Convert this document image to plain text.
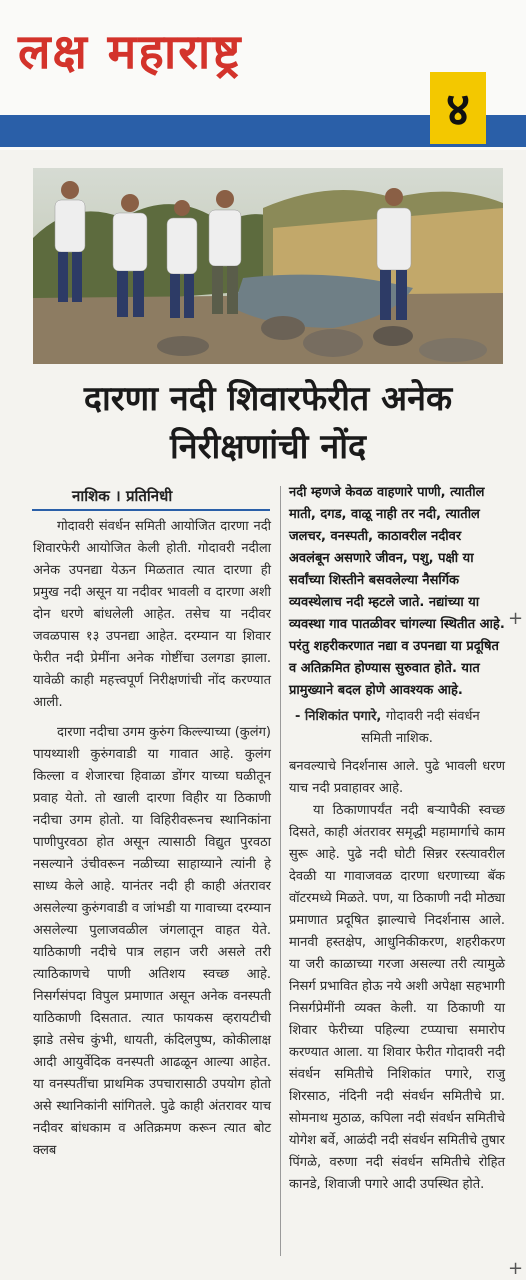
लक्ष महाराष्ट्र
४
दारणा नदी शिवारफेरीत अनेक
निरीक्षणांची नोंद
नाशिक । प्रतिनिधी

गोदावरी संवर्धन समिती आयोजित दारणा नदी शिवारफेरी आयोजित केली होती. गोदावरी नदीला अनेक उपनद्या येऊन मिळतात त्यात दारणा ही प्रमुख नदी असून या नदीवर भावली व दारणा अशी दोन धरणे बांधलेली आहेत. तसेच या नदीवर जवळपास १३ उपनद्या आहेत. दरम्यान या शिवार फेरीत नदी प्रेमींना अनेक गोष्टींचा उलगडा झाला. यावेळी काही महत्त्वपूर्ण निरीक्षणांची नोंद करण्यात आली.

दारणा नदीचा उगम कुरुंग किल्ल्याच्या (कुलंग) पायथ्याशी कुरुंगवाडी या गावात आहे. कुलंग किल्ला व शेजारचा हिवाळा डोंगर याच्या घळीतून प्रवाह येतो. तो खाली दारणा विहीर या ठिकाणी नदीचा उगम होतो. या विहिरीवरूनच स्थानिकांना पाणीपुरवठा होत असून त्यासाठी विद्युत पुरवठा नसल्याने उंचीवरून नळीच्या साहाय्याने त्यांनी हे साध्य केले आहे. यानंतर नदी ही काही अंतरावर असलेल्या कुरुंगवाडी व जांभडी या गावाच्या दरम्यान असलेल्या पुलाजवळील जंगलातून वाहत येते. याठिकाणी नदीचे पात्र लहान जरी असले तरी त्याठिकाणचे पाणी अतिशय स्वच्छ आहे. निसर्गसंपदा विपुल प्रमाणात असून अनेक वनस्पती याठिकाणी दिसतात. त्यात फायकस व्हरायटीची झाडे तसेच कुंभी, धायती, कंदिलपुष्प, कोकीलाक्ष आदी आयुर्वेदिक वनस्पती आढळून आल्या आहेत. या वनस्पतींचा प्राथमिक उपचारासाठी उपयोग होतो असे स्थानिकांनी सांगितले. पुढे काही अंतरावर याच नदीवर बांधकाम व अतिक्रमण करून त्यात बोट क्लब

नदी म्हणजे केवळ वाहणारे पाणी, त्यातील माती, दगड, वाळू नाही तर नदी, त्यातील जलचर, वनस्पती, काठावरील नदीवर अवलंबून असणारे जीवन, पशु, पक्षी या सर्वांच्या शिस्तीने बसवलेल्या नैसर्गिक व्यवस्थेलाच नदी म्हटले जाते. नद्यांच्या या व्यवस्था गाव पातळीवर चांगल्या स्थितीत आहे. परंतु शहरीकरणात नद्या व उपनद्या या प्रदूषित व अतिक्रमित होण्यास सुरुवात होते. यात प्रामुख्याने बदल होणे आवश्यक आहे.
- निशिकांत पगारे, गोदावरी नदी संवर्धन
समिती नाशिक.

बनवल्याचे निदर्शनास आले. पुढे भावली धरण याच नदी प्रवाहावर आहे.

या ठिकाणापर्यंत नदी बऱ्यापैकी स्वच्छ दिसते, काही अंतरावर समृद्धी महामार्गाचे काम सुरू आहे. पुढे नदी घोटी सिन्नर रस्त्यावरील देवळी या गावाजवळ दारणा धरणाच्या बॅक वॉटरमध्ये मिळते. पण, या ठिकाणी नदी मोठ्या प्रमाणात प्रदूषित झाल्याचे निदर्शनास आले. मानवी हस्तक्षेप, आधुनिकीकरण, शहरीकरण या जरी काळाच्या गरजा असल्या तरी त्यामुळे निसर्ग प्रभावित होऊ नये अशी अपेक्षा सहभागी निसर्गप्रेमींनी व्यक्त केली. या ठिकाणी या शिवार फेरीच्या पहिल्या टप्प्याचा समारोप करण्यात आला. या शिवार फेरीत गोदावरी नदी संवर्धन समितीचे निशिकांत पगारे, राजु शिरसाठ, नंदिनी नदी संवर्धन समितीचे प्रा. सोमनाथ मुठाळ, कपिला नदी संवर्धन समितीचे योगेश बर्वे, आळंदी नदी संवर्धन समितीचे तुषार पिंगळे, वरुणा नदी संवर्धन समितीचे रोहित कानडे, शिवाजी पगारे आदी उपस्थित होते.

+
+
